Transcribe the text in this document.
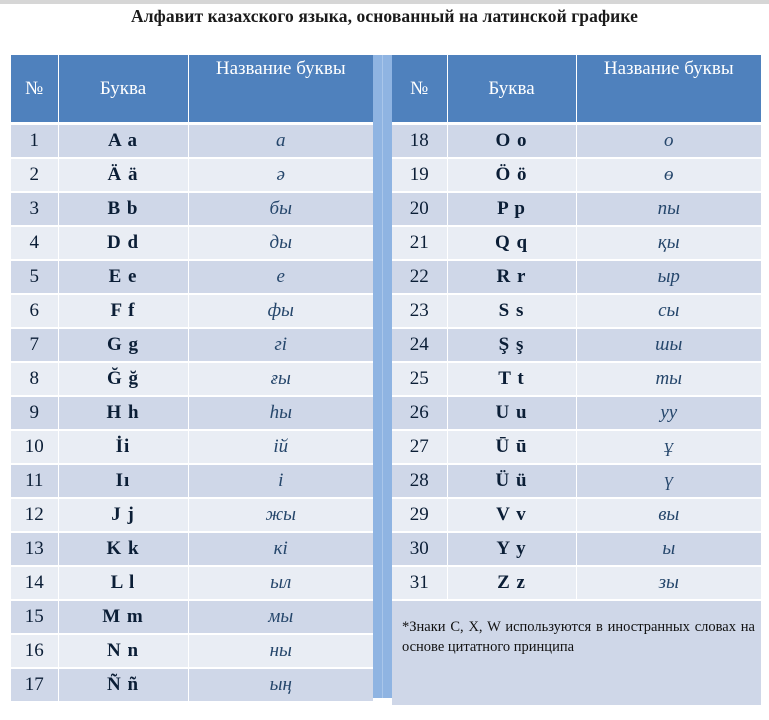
Алфавит казахского языка, основанный на латинской графике
№	Буква	Название буквы
1	A a	а
2	Ä ä	ә
3	B b	бы
4	D d	ды
5	E e	е
6	F f	фы
7	G g	гі
8	Ğ ğ	ғы
9	H h	һы
10	İi	ій
11	Iı	і
12	J j	жы
13	K k	кі
14	L l	ыл
15	M m	мы
16	N n	ны
17	Ñ ñ	ың
№	Буква	Название буквы
18	O o	о
19	Ö ö	ө
20	P p	пы
21	Q q	қы
22	R r	ыр
23	S s	сы
24	Ş ş	шы
25	T t	ты
26	U u	уу
27	Ū ū	ұ
28	Ü ü	ү
29	V v	вы
30	Y y	ы
31	Z z	зы

*Знаки C, X, W используются в иностранных словах на основе цитатного принципа		
